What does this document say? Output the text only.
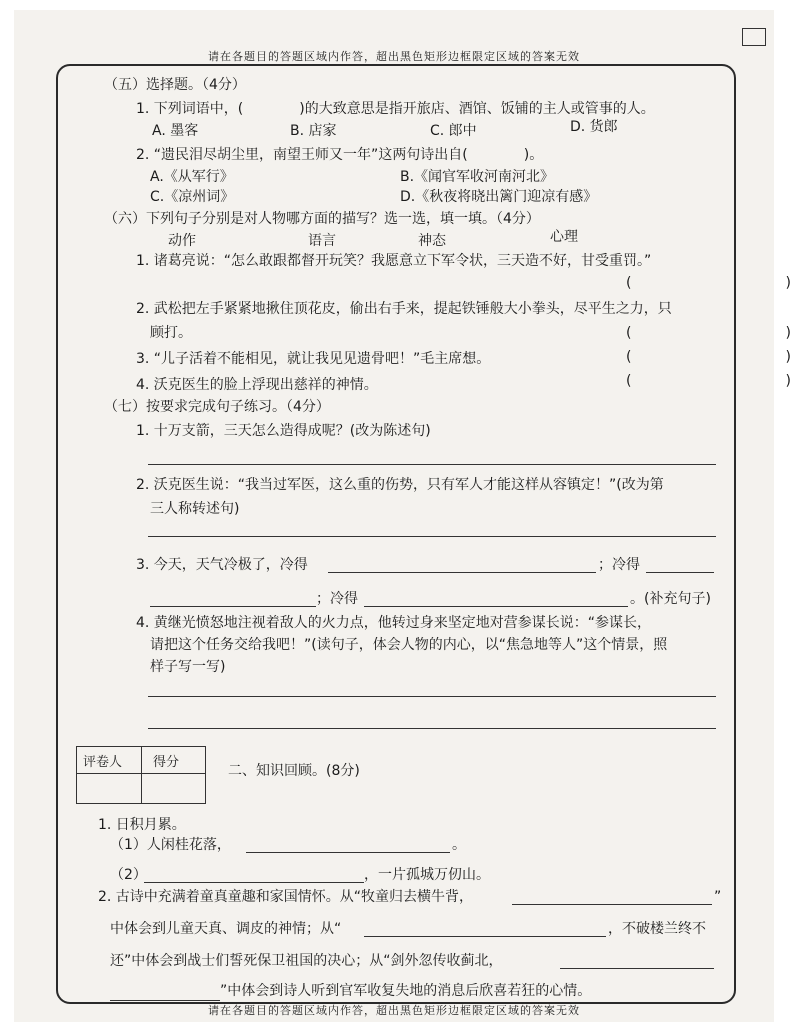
请在各题目的答题区域内作答，超出黑色矩形边框限定区域的答案无效
（五）选择题。（4分）
1. 下列词语中，(　　　　)的大致意思是指开旅店、酒馆、饭铺的主人或管事的人。
A. 墨客	B. 店家	C. 郎中	D. 货郎
2. “遗民泪尽胡尘里，南望王师又一年”这两句诗出自(　　　　)。
A.《从军行》	B.《闻官军收河南河北》
C.《凉州词》	D.《秋夜将晓出篱门迎凉有感》
（六）下列句子分别是对人物哪方面的描写？选一选，填一填。（4分）
动作	语言	神态	心理
1. 诸葛亮说：“怎么敢跟都督开玩笑？我愿意立下军令状，三天造不好，甘受重罚。”
(　　　　　　　　　　　)
2. 武松把左手紧紧地揪住顶花皮，偷出右手来，提起铁锤般大小拳头，尽平生之力，只
顾打。	(　　　　　　　　　　　)
3. “儿子活着不能相见，就让我见见遗骨吧！”毛主席想。	(　　　　　　　　　　　)
4. 沃克医生的脸上浮现出慈祥的神情。	(　　　　　　　　　　　)
（七）按要求完成句子练习。（4分）
1. 十万支箭，三天怎么造得成呢？(改为陈述句)
2. 沃克医生说：“我当过军医，这么重的伤势，只有军人才能这样从容镇定！”(改为第
三人称转述句)
3. 今天，天气冷极了，冷得	；冷得
；冷得	。(补充句子)
4. 黄继光愤怒地注视着敌人的火力点，他转过身来坚定地对营参谋长说：“参谋长，
请把这个任务交给我吧！”(读句子，体会人物的内心，以“焦急地等人”这个情景，照
样子写一写)
评卷人 得分
二、知识回顾。(8分)
1. 日积月累。
（1）人闲桂花落，	。
（2）	，一片孤城万仞山。
2. 古诗中充满着童真童趣和家国情怀。从“牧童归去横牛背，	”
中体会到儿童天真、调皮的神情；从“	，不破楼兰终不
还”中体会到战士们誓死保卫祖国的决心；从“剑外忽传收蓟北，
”中体会到诗人听到官军收复失地的消息后欣喜若狂的心情。
请在各题目的答题区域内作答，超出黑色矩形边框限定区域的答案无效
